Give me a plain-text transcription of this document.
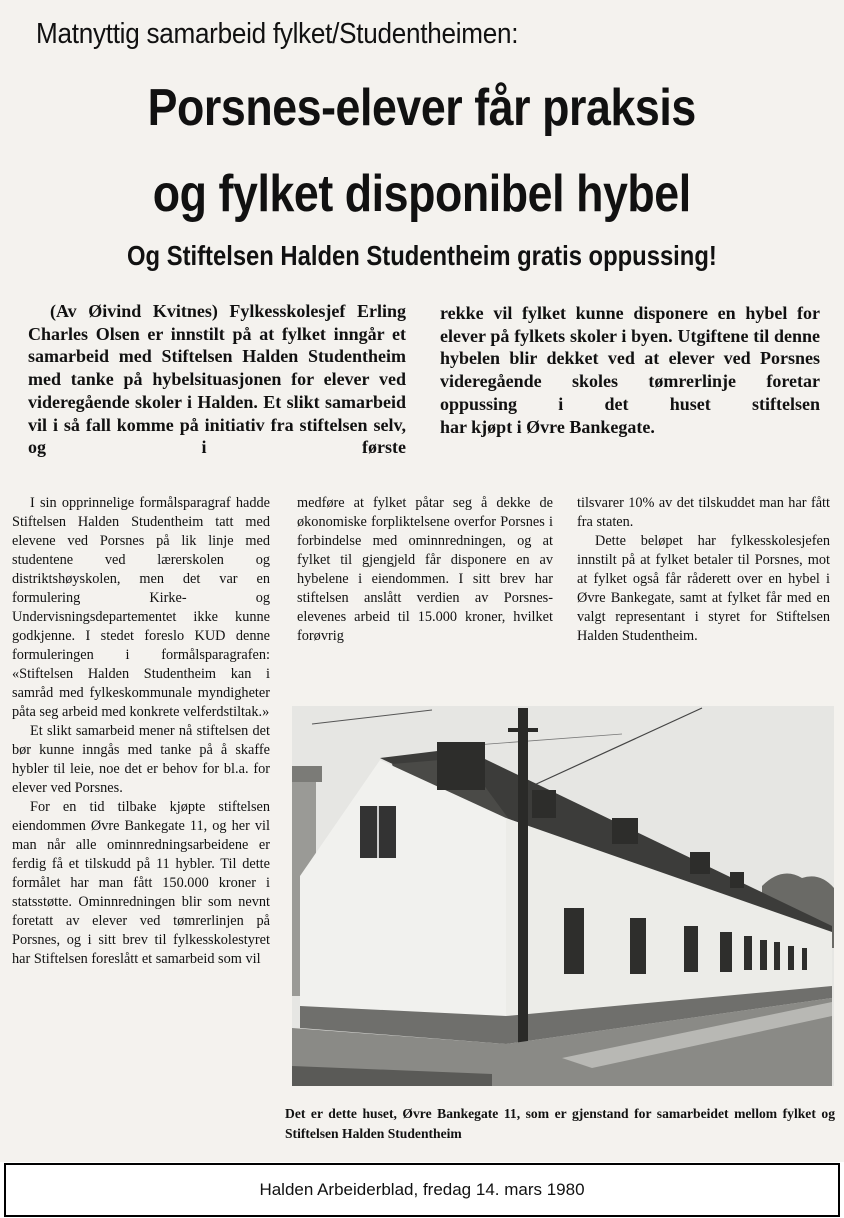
Matnyttig samarbeid fylket/Studentheimen:
Porsnes-elever får praksis
og fylket disponibel hybel
Og Stiftelsen Halden Studentheim gratis oppussing!
(Av Øivind Kvitnes) Fylkesskolesjef Erling Charles Olsen er innstilt på at fylket inngår et samarbeid med Stiftelsen Halden Studentheim med tanke på hybelsituasjonen for elever ved videregående skoler i Halden. Et slikt samarbeid vil i så fall komme på initiativ fra stiftelsen selv, og i første
rekke vil fylket kunne disponere en hybel for elever på fylkets skoler i byen. Utgiftene til denne hybelen blir dekket ved at elever ved Porsnes videregående skoles tømrerlinje foretar oppussing i det huset stiftelsen
har kjøpt i Øvre Bankegate.

I sin opprinnelige formålsparagraf hadde Stiftelsen Halden Studentheim tatt med elevene ved Porsnes på lik linje med studentene ved lærerskolen og distriktshøyskolen, men det var en formulering Kirke- og Undervisningsdepartementet ikke kunne godkjenne. I stedet foreslo KUD denne formuleringen i formålsparagrafen: «Stiftelsen Halden Studentheim kan i samråd med fylkeskommunale myndigheter påta seg arbeid med konkrete velferdstiltak.»

Et slikt samarbeid mener nå stiftelsen det bør kunne inngås med tanke på å skaffe hybler til leie, noe det er behov for bl.a. for elever ved Porsnes.

For en tid tilbake kjøpte stiftelsen eiendommen Øvre Bankegate 11, og her vil man når alle ominnredningsarbeidene er ferdig få et tilskudd på 11 hybler. Til dette formålet har man fått 150.000 kroner i statsstøtte. Ominnredningen blir som nevnt foretatt av elever ved tømrerlinjen på Porsnes, og i sitt brev til fylkesskolestyret har Stiftelsen foreslått et samarbeid som vil

medføre at fylket påtar seg å dekke de økonomiske forpliktelsene overfor Porsnes i forbindelse med ominnredningen, og at fylket til gjengjeld får disponere en av hybelene i eiendommen. I sitt brev har stiftelsen anslått verdien av Porsnes-elevenes arbeid til 15.000 kroner, hvilket forøvrig

tilsvarer 10% av det tilskuddet man har fått fra staten.

Dette beløpet har fylkesskolesjefen innstilt på at fylket betaler til Porsnes, mot at fylket også får råderett over en hybel i Øvre Bankegate, samt at fylket får med en valgt representant i styret for Stiftelsen Halden Studentheim.

Det er dette huset, Øvre Bankegate 11, som er gjenstand for samarbeidet mellom fylket og Stiftelsen Halden Studentheim
Halden Arbeiderblad, fredag 14. mars 1980
